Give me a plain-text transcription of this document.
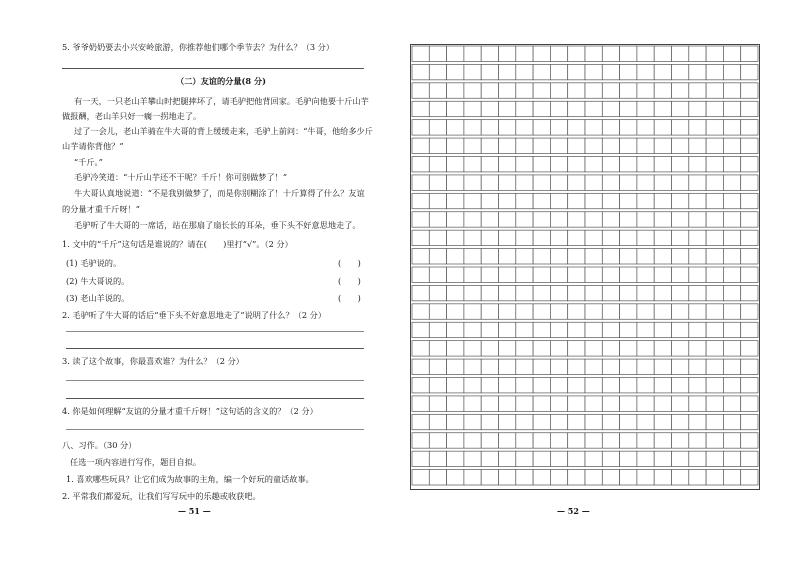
5. 爷爷奶奶要去小兴安岭旅游，你推荐他们哪个季节去？为什么？（3 分）
（二）友谊的分量(8 分)
有一天，一只老山羊攀山时把腿摔坏了，请毛驴把他背回家。毛驴向他要十斤山芋
做报酬，老山羊只好一瘸一拐地走了。
过了一会儿，老山羊骑在牛大哥的背上缓缓走来，毛驴上前问：“牛哥，他给多少斤
山芋请你背他？”
“千斤。”
毛驴冷笑道：“十斤山芋还不干呢？千斤！你可别做梦了！”
牛大哥认真地说道：“不是我别做梦了，而是你别糊涂了！十斤算得了什么？友谊
的分量才重千斤呀！”
毛驴听了牛大哥的一席话，站在那扇了扇长长的耳朵，垂下头不好意思地走了。
1. 文中的“千斤”这句话是谁说的？请在(　　)里打“√”。（2 分）
(1) 毛驴说的。	(　　)
(2) 牛大哥说的。	(　　)
(3) 老山羊说的。	(　　)
2. 毛驴听了牛大哥的话后“垂下头不好意思地走了”说明了什么？（2 分）
3. 读了这个故事，你最喜欢谁？为什么？（2 分）
4. 你是如何理解“友谊的分量才重千斤呀！”这句话的含义的？（2 分）
八、习作。（30 分）
任选一项内容进行写作，题目自拟。
1. 喜欢哪些玩具？让它们成为故事的主角，编一个好玩的童话故事。
2. 平常我们都爱玩，让我们写写玩中的乐趣或收获吧。
— 51 —	— 52 —
